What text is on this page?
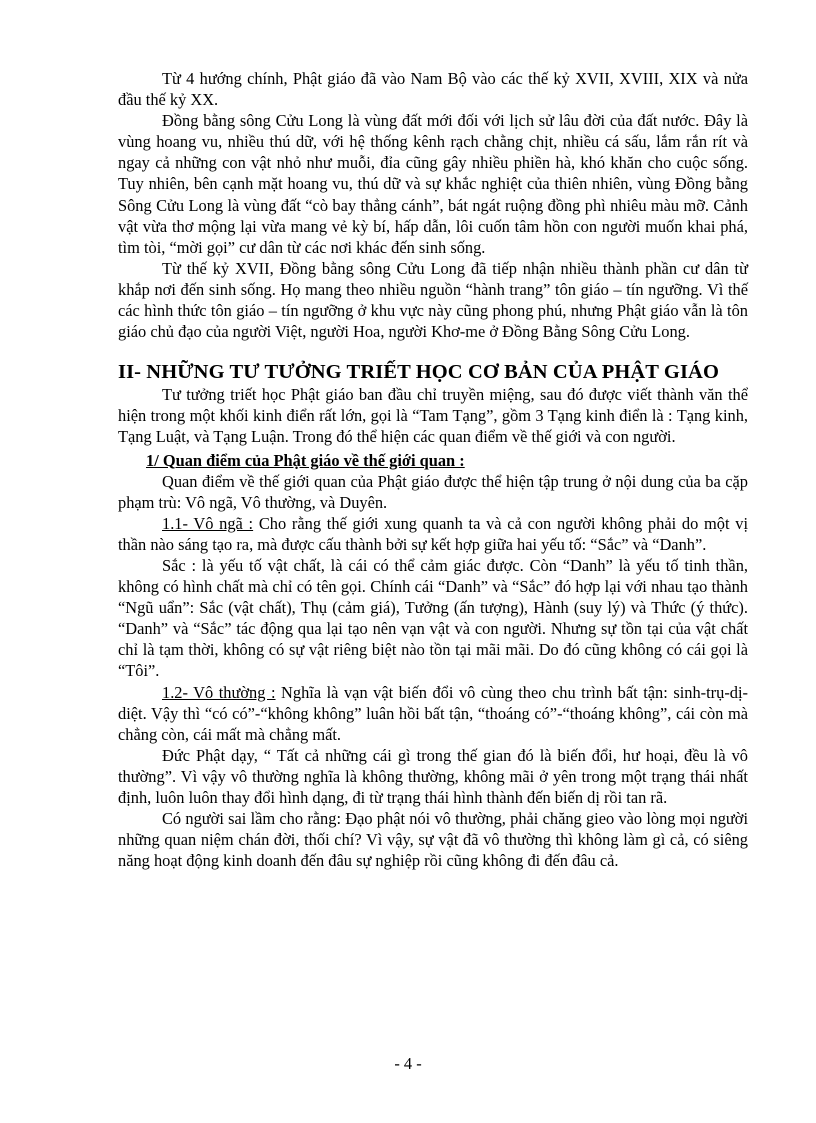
Từ 4 hướng chính, Phật giáo đã vào Nam Bộ vào các thế kỷ XVII, XVIII, XIX và nửa đầu thế kỷ XX.

Đồng bằng sông Cửu Long là vùng đất mới đối với lịch sử lâu đời của đất nước. Đây là vùng hoang vu, nhiều thú dữ, với hệ thống kênh rạch chằng chịt, nhiều cá sấu, lắm rắn rít và ngay cả những con vật nhỏ như muỗi, đỉa cũng gây nhiều phiền hà, khó khăn cho cuộc sống. Tuy nhiên, bên cạnh mặt hoang vu, thú dữ và sự khắc nghiệt của thiên nhiên, vùng Đồng bằng Sông Cửu Long là vùng đất “cò bay thẳng cánh”, bát ngát ruộng đồng phì nhiêu màu mỡ. Cảnh vật vừa thơ mộng lại vừa mang vẻ kỳ bí, hấp dẫn, lôi cuốn tâm hồn con người muốn khai phá, tìm tòi, “mời gọi” cư dân từ các nơi khác đến sinh sống.

Từ thế kỷ XVII, Đồng bằng sông Cửu Long đã tiếp nhận nhiều thành phần cư dân từ khắp nơi đến sinh sống. Họ mang theo nhiều nguồn “hành trang” tôn giáo – tín ngưỡng. Vì thế các hình thức tôn giáo – tín ngưỡng ở khu vực này cũng phong phú, nhưng Phật giáo vẫn là tôn giáo chủ đạo của người Việt, người Hoa, người Khơ-me ở Đồng Bằng Sông Cửu Long.

II- NHỮNG TƯ TƯỞNG TRIẾT HỌC CƠ BẢN CỦA PHẬT GIÁO

Tư tưởng triết học Phật giáo ban đầu chỉ truyền miệng, sau đó được viết thành văn thể hiện trong một khối kinh điển rất lớn, gọi là “Tam Tạng”, gồm 3 Tạng kinh điển là : Tạng kinh, Tạng Luật, và Tạng Luận. Trong đó thể hiện các quan điểm về thế giới và con người.

1/ Quan điểm của Phật giáo về thế giới quan :

Quan điểm về thế giới quan của Phật giáo được thể hiện tập trung ở nội dung của ba cặp phạm trù: Vô ngã, Vô thường, và Duyên.

1.1- Vô ngã : Cho rằng thế giới xung quanh ta và cả con người không phải do một vị thần nào sáng tạo ra, mà được cấu thành bởi sự kết hợp giữa hai yếu tố: “Sắc” và “Danh”.

Sắc : là yếu tố vật chất, là cái có thể cảm giác được. Còn “Danh” là yếu tố tinh thần, không có hình chất mà chỉ có tên gọi. Chính cái “Danh” và “Sắc” đó hợp lại với nhau tạo thành “Ngũ uẩn”: Sắc (vật chất), Thụ (cảm giá), Tưởng (ấn tượng), Hành (suy lý) và Thức (ý thức). “Danh” và “Sắc” tác động qua lại tạo nên vạn vật và con người. Nhưng sự tồn tại của vật chất chỉ là tạm thời, không có sự vật riêng biệt nào tồn tại mãi mãi. Do đó cũng không có cái gọi là “Tôi”.

1.2- Vô thường : Nghĩa là vạn vật biến đổi vô cùng theo chu trình bất tận: sinh-trụ-dị-diệt. Vậy thì “có có”-“không không” luân hồi bất tận, “thoáng có”-“thoáng không”, cái còn mà chẳng còn, cái mất mà chẳng mất.

Đức Phật dạy, “ Tất cả những cái gì trong thế gian đó là biến đổi, hư hoại, đều là vô thường”. Vì vậy vô thường nghĩa là không thường, không mãi ở yên trong một trạng thái nhất định, luôn luôn thay đổi hình dạng, đi từ trạng thái hình thành đến biến dị rồi tan rã.

Có người sai lầm cho rằng: Đạo phật nói vô thường, phải chăng gieo vào lòng mọi người những quan niệm chán đời, thối chí? Vì vậy, sự vật đã vô thường thì không làm gì cả, có siêng năng hoạt động kinh doanh đến đâu sự nghiệp rồi cũng không đi đến đâu cả.

- 4 -
